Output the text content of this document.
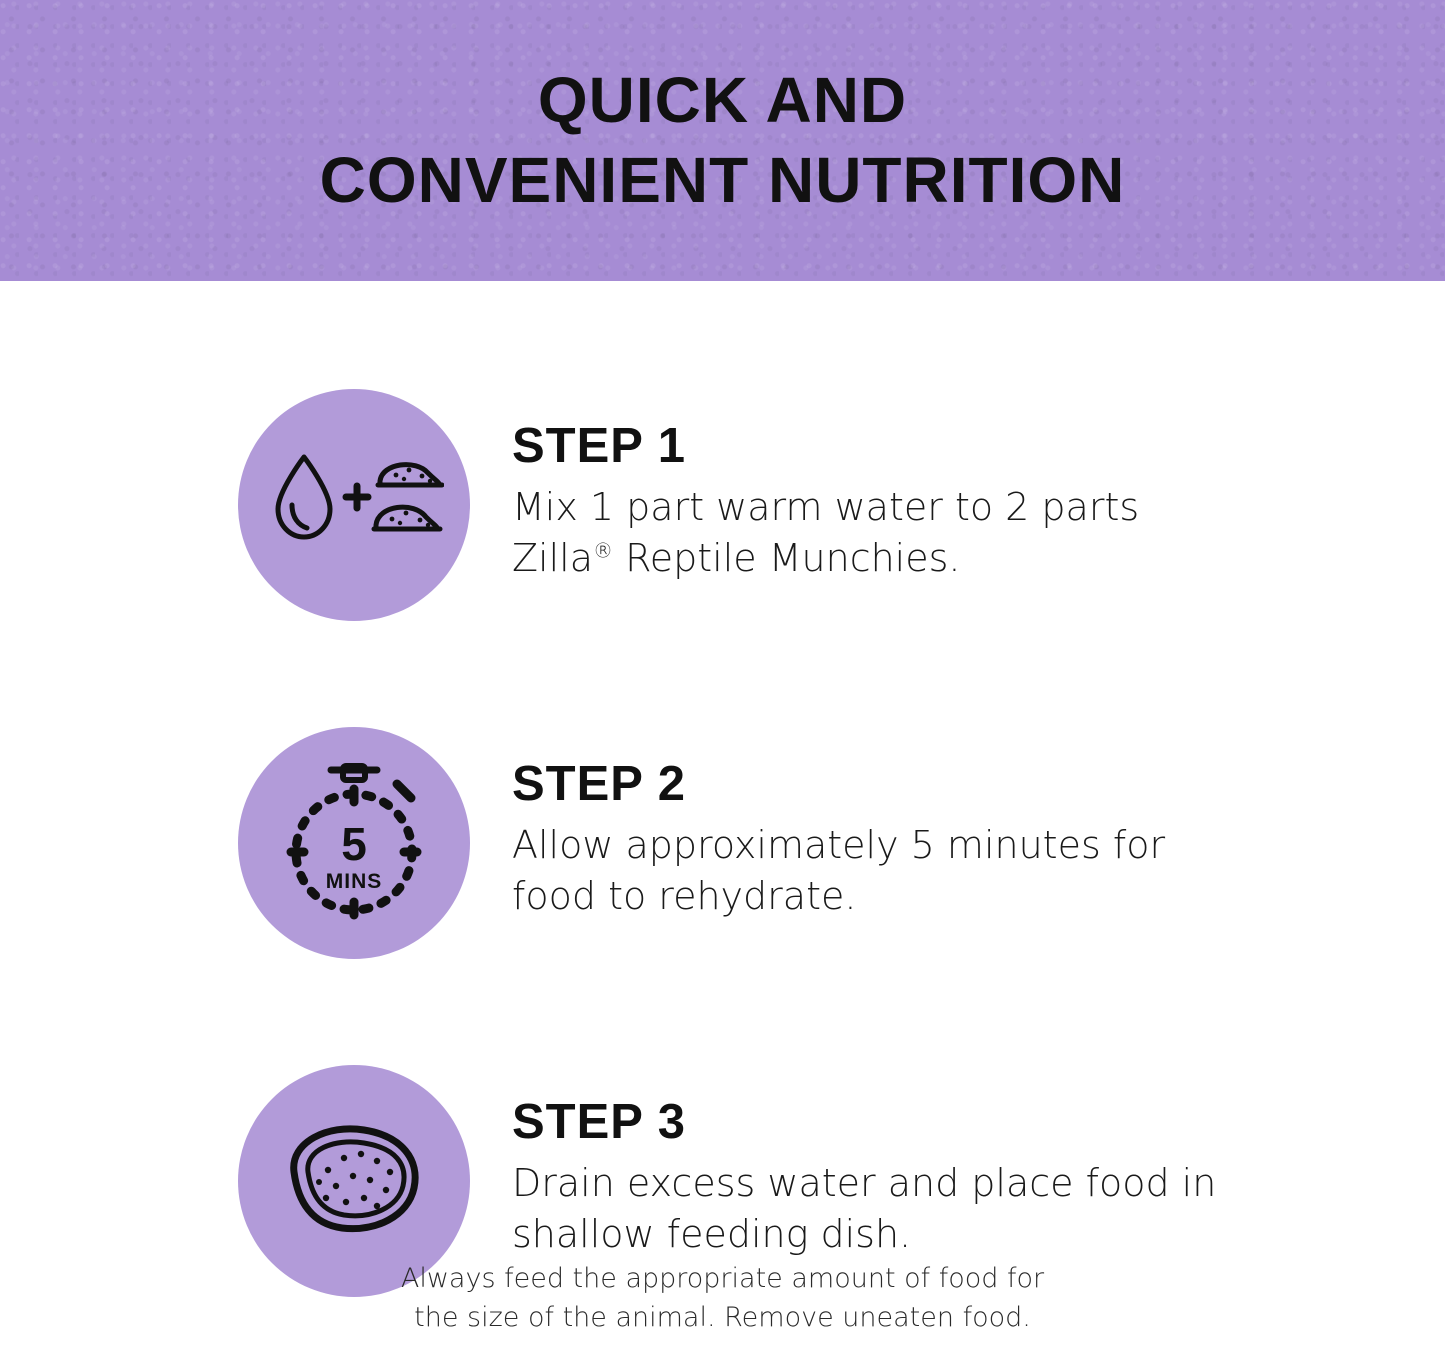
QUICK AND
CONVENIENT NUTRITION
STEP 1
Mix 1 part warm water to 2 parts Zilla® Reptile Munchies.
5
MINS
STEP 2
Allow approximately 5 minutes for food to rehydrate.
STEP 3
Drain excess water and place food in shallow feeding dish.
Always feed the appropriate amount of food for
the size of the animal. Remove uneaten food.
